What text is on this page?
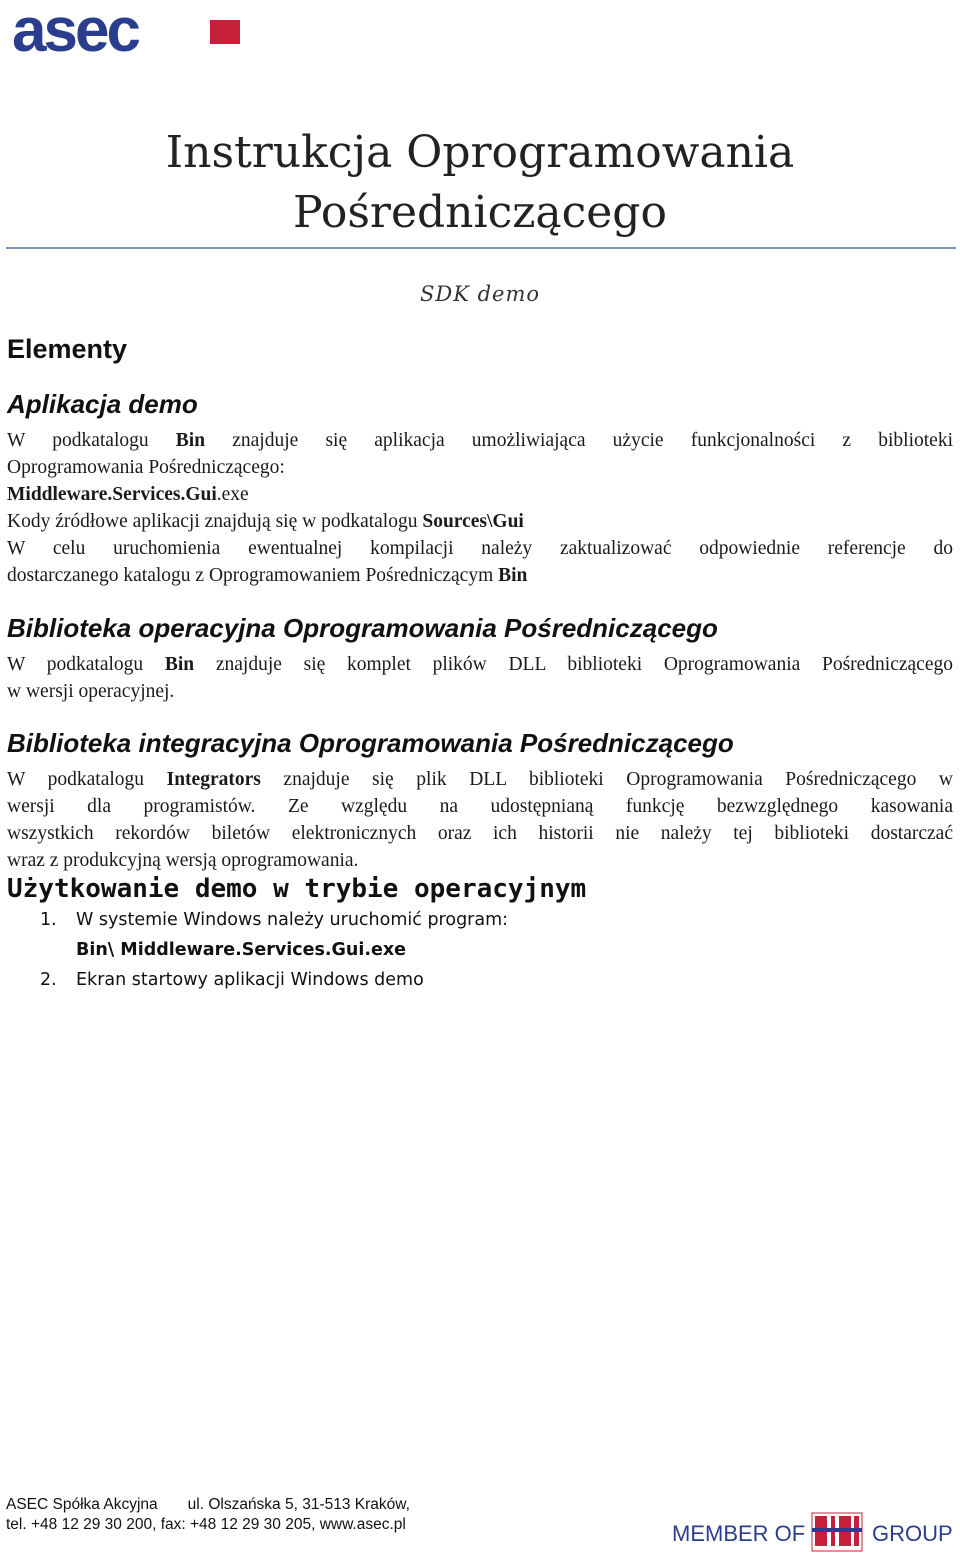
asec
Instrukcja Oprogramowania
Pośredniczącego
SDK demo
Elementy
Aplikacja demo
W podkatalogu Bin znajduje się aplikacja umożliwiająca użycie funkcjonalności z biblioteki
Oprogramowania Pośredniczącego:
Middleware.Services.Gui.exe
Kody źródłowe aplikacji znajdują się w podkatalogu Sources\Gui
W celu uruchomienia ewentualnej kompilacji należy zaktualizować odpowiednie referencje do
dostarczanego katalogu z Oprogramowaniem Pośredniczącym Bin
Biblioteka operacyjna Oprogramowania Pośredniczącego
W podkatalogu Bin znajduje się komplet plików DLL biblioteki Oprogramowania Pośredniczącego
w wersji operacyjnej.
Biblioteka integracyjna Oprogramowania Pośredniczącego
W podkatalogu Integrators znajduje się plik DLL biblioteki Oprogramowania Pośredniczącego w
wersji dla programistów. Ze względu na udostępnianą funkcję bezwzględnego kasowania
wszystkich rekordów biletów elektronicznych oraz ich historii nie należy tej biblioteki dostarczać
wraz z produkcyjną wersją oprogramowania.
Użytkowanie demo w trybie operacyjnym
1. W systemie Windows należy uruchomić program:
Bin\ Middleware.Services.Gui.exe
2. Ekran startowy aplikacji Windows demo
ASEC Spółka Akcyjna ul. Olszańska 5, 31-513 Kraków,
tel. +48 12 29 30 200, fax: +48 12 29 30 205, www.asec.pl	MEMBER OF	GROUP
